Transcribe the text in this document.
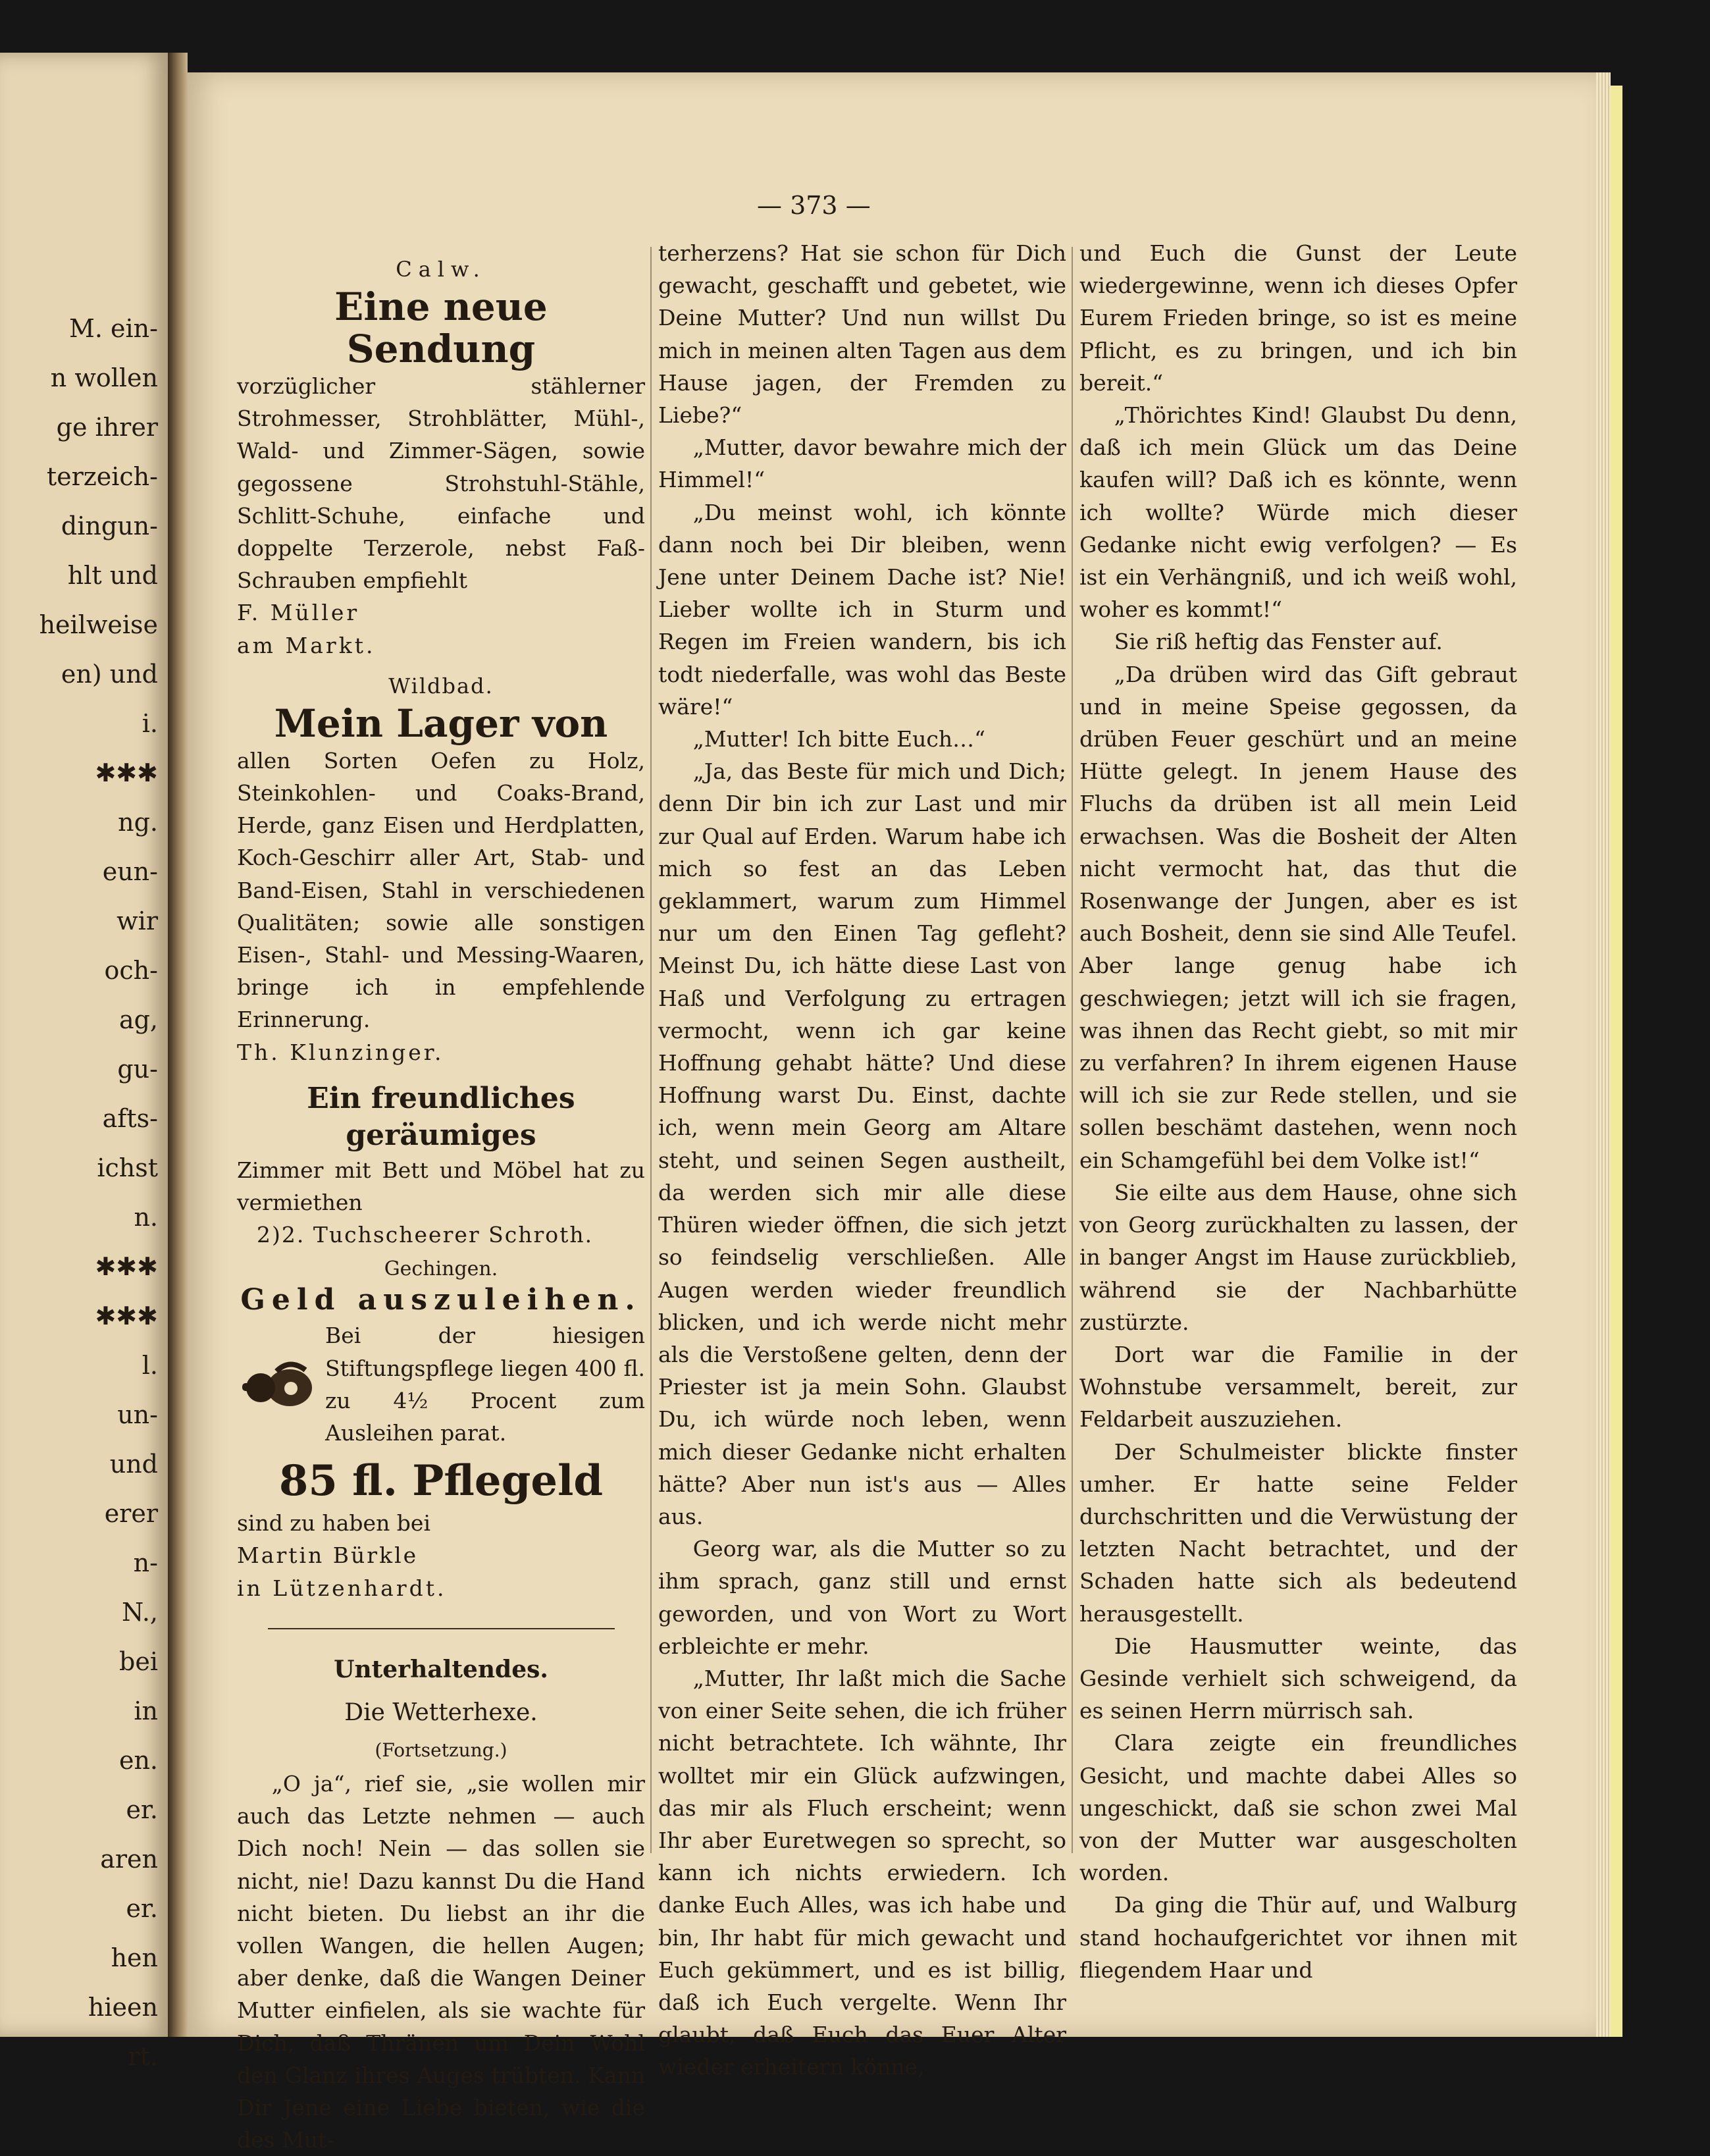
M. ein-
n wollen
ge ihrer
terzeich-
dingun-
hlt und
heilweise
en) und
i.
✱✱✱
ng.
eun-
wir
och-
ag,
gu-
afts-
ichst
n.
✱✱✱
✱✱✱
l.
un-
und
erer
n-
N.,
bei
in
en.
er.
aren
er.
hen
hieen
rt.
— 373 —
Calw.
Eine neue Sendung

vorzüglicher stählerner Strohmesser, Strohblätter, Mühl-, Wald- und Zimmer-Sägen, sowie gegossene Strohstuhl-Stähle, Schlitt-Schuhe, einfache und doppelte Terzerole, nebst Faß-Schrauben empfiehlt

F. Müller

am Markt.

Wildbad.
Mein Lager von

allen Sorten Oefen zu Holz, Steinkohlen- und Coaks-Brand, Herde, ganz Eisen und Herdplatten, Koch-Geschirr aller Art, Stab- und Band-Eisen, Stahl in verschiedenen Qualitäten; sowie alle sonstigen Eisen-, Stahl- und Messing-Waaren, bringe ich in empfehlende Erinnerung.

Th. Klunzinger.

Ein freundliches geräumiges

Zimmer mit Bett und Möbel hat zu vermiethen

2)2. Tuchscheerer Schroth.

Gechingen.
Geld auszuleihen.

Bei der hiesigen Stiftungspflege liegen 400 fl. zu 4½ Procent zum Ausleihen parat.

85 fl. Pflegeld

sind zu haben bei

Martin Bürkle

in Lützenhardt.

Unterhaltendes.
Die Wetterhexe.
(Fortsetzung.)

„O ja“, rief sie, „sie wollen mir auch das Letzte nehmen — auch Dich noch! Nein — das sollen sie nicht, nie! Dazu kannst Du die Hand nicht bieten. Du liebst an ihr die vollen Wangen, die hellen Augen; aber denke, daß die Wangen Deiner Mutter einfielen, als sie wachte für Dich, daß Thränen um Dein Wohl den Glanz ihres Auges trübten. Kann Dir Jene eine Liebe bieten, wie die des Mut-

terherzens? Hat sie schon für Dich gewacht, geschafft und gebetet, wie Deine Mutter? Und nun willst Du mich in meinen alten Tagen aus dem Hause jagen, der Fremden zu Liebe?“

„Mutter, davor bewahre mich der Himmel!“

„Du meinst wohl, ich könnte dann noch bei Dir bleiben, wenn Jene unter Deinem Dache ist? Nie! Lieber wollte ich in Sturm und Regen im Freien wandern, bis ich todt niederfalle, was wohl das Beste wäre!“

„Mutter! Ich bitte Euch…“

„Ja, das Beste für mich und Dich; denn Dir bin ich zur Last und mir zur Qual auf Erden. Warum habe ich mich so fest an das Leben geklammert, warum zum Himmel nur um den Einen Tag gefleht? Meinst Du, ich hätte diese Last von Haß und Verfolgung zu ertragen vermocht, wenn ich gar keine Hoffnung gehabt hätte? Und diese Hoffnung warst Du. Einst, dachte ich, wenn mein Georg am Altare steht, und seinen Segen austheilt, da werden sich mir alle diese Thüren wieder öffnen, die sich jetzt so feindselig verschließen. Alle Augen werden wieder freundlich blicken, und ich werde nicht mehr als die Verstoßene gelten, denn der Priester ist ja mein Sohn. Glaubst Du, ich würde noch leben, wenn mich dieser Gedanke nicht erhalten hätte? Aber nun ist's aus — Alles aus.

Georg war, als die Mutter so zu ihm sprach, ganz still und ernst geworden, und von Wort zu Wort erbleichte er mehr.

„Mutter, Ihr laßt mich die Sache von einer Seite sehen, die ich früher nicht betrachtete. Ich wähnte, Ihr wolltet mir ein Glück aufzwingen, das mir als Fluch erscheint; wenn Ihr aber Euretwegen so sprecht, so kann ich nichts erwiedern. Ich danke Euch Alles, was ich habe und bin, Ihr habt für mich gewacht und Euch gekümmert, und es ist billig, daß ich Euch vergelte. Wenn Ihr glaubt, daß Euch das Euer Alter wieder erheitern könne,

und Euch die Gunst der Leute wiedergewinne, wenn ich dieses Opfer Eurem Frieden bringe, so ist es meine Pflicht, es zu bringen, und ich bin bereit.“

„Thörichtes Kind! Glaubst Du denn, daß ich mein Glück um das Deine kaufen will? Daß ich es könnte, wenn ich wollte? Würde mich dieser Gedanke nicht ewig verfolgen? — Es ist ein Verhängniß, und ich weiß wohl, woher es kommt!“

Sie riß heftig das Fenster auf.

„Da drüben wird das Gift gebraut und in meine Speise gegossen, da drüben Feuer geschürt und an meine Hütte gelegt. In jenem Hause des Fluchs da drüben ist all mein Leid erwachsen. Was die Bosheit der Alten nicht vermocht hat, das thut die Rosenwange der Jungen, aber es ist auch Bosheit, denn sie sind Alle Teufel. Aber lange genug habe ich geschwiegen; jetzt will ich sie fragen, was ihnen das Recht giebt, so mit mir zu verfahren? In ihrem eigenen Hause will ich sie zur Rede stellen, und sie sollen beschämt dastehen, wenn noch ein Schamgefühl bei dem Volke ist!“

Sie eilte aus dem Hause, ohne sich von Georg zurückhalten zu lassen, der in banger Angst im Hause zurückblieb, während sie der Nachbarhütte zustürzte.

Dort war die Familie in der Wohnstube versammelt, bereit, zur Feldarbeit auszuziehen.

Der Schulmeister blickte finster umher. Er hatte seine Felder durchschritten und die Verwüstung der letzten Nacht betrachtet, und der Schaden hatte sich als bedeutend herausgestellt.

Die Hausmutter weinte, das Gesinde verhielt sich schweigend, da es seinen Herrn mürrisch sah.

Clara zeigte ein freundliches Gesicht, und machte dabei Alles so ungeschickt, daß sie schon zwei Mal von der Mutter war ausgescholten worden.

Da ging die Thür auf, und Walburg stand hochaufgerichtet vor ihnen mit fliegendem Haar und
